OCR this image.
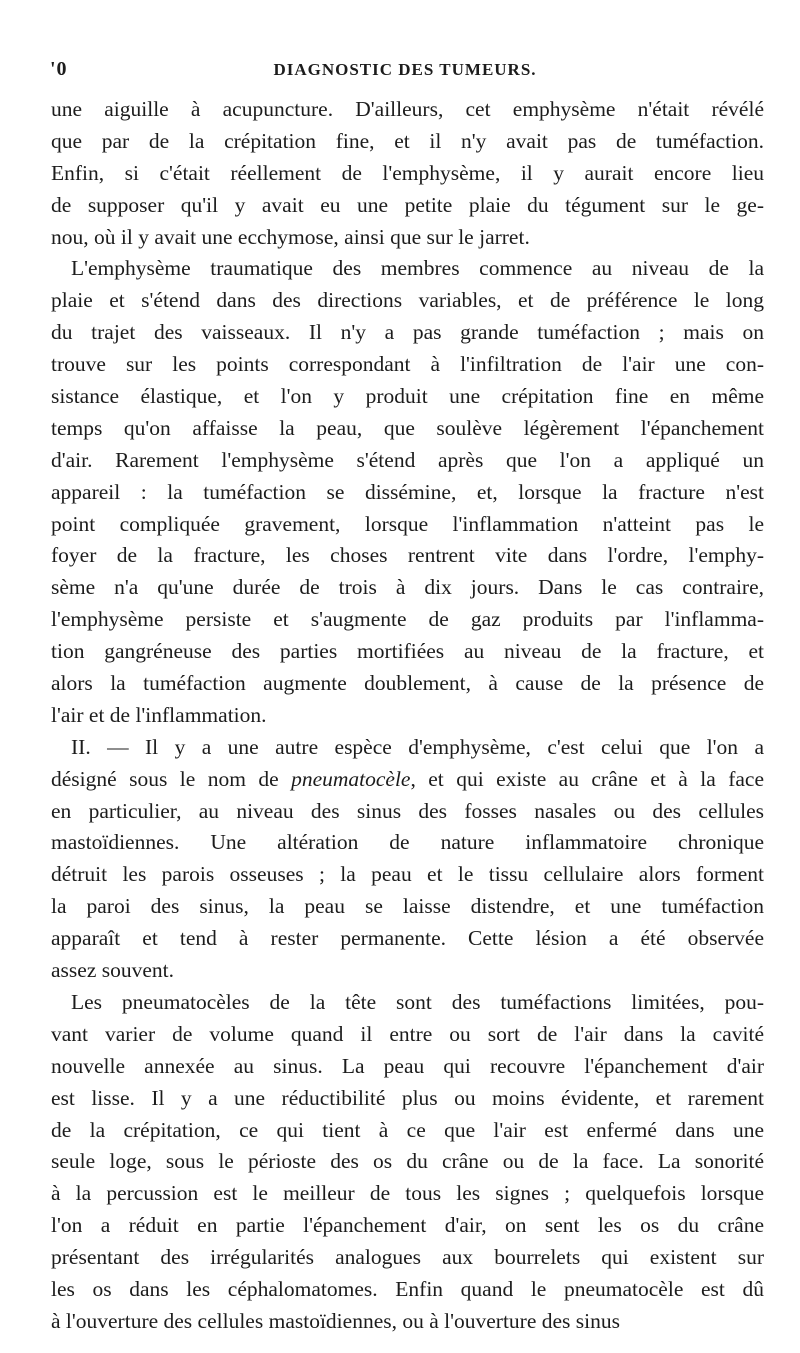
'0	DIAGNOSTIC DES TUMEURS.
une aiguille à acupuncture. D'ailleurs, cet emphysème n'était révélé
que par de la crépitation fine, et il n'y avait pas de tuméfaction.
Enfin, si c'était réellement de l'emphysème, il y aurait encore lieu
de supposer qu'il y avait eu une petite plaie du tégument sur le ge-
nou, où il y avait une ecchymose, ainsi que sur le jarret.
L'emphysème traumatique des membres commence au niveau de la
plaie et s'étend dans des directions variables, et de préférence le long
du trajet des vaisseaux. Il n'y a pas grande tuméfaction ; mais on
trouve sur les points correspondant à l'infiltration de l'air une con-
sistance élastique, et l'on y produit une crépitation fine en même
temps qu'on affaisse la peau, que soulève légèrement l'épanchement
d'air. Rarement l'emphysème s'étend après que l'on a appliqué un
appareil : la tuméfaction se dissémine, et, lorsque la fracture n'est
point compliquée gravement, lorsque l'inflammation n'atteint pas le
foyer de la fracture, les choses rentrent vite dans l'ordre, l'emphy-
sème n'a qu'une durée de trois à dix jours. Dans le cas contraire,
l'emphysème persiste et s'augmente de gaz produits par l'inflamma-
tion gangréneuse des parties mortifiées au niveau de la fracture, et
alors la tuméfaction augmente doublement, à cause de la présence de
l'air et de l'inflammation.
II. — Il y a une autre espèce d'emphysème, c'est celui que l'on a
désigné sous le nom de pneumatocèle, et qui existe au crâne et à la face
en particulier, au niveau des sinus des fosses nasales ou des cellules
mastoïdiennes. Une altération de nature inflammatoire chronique
détruit les parois osseuses ; la peau et le tissu cellulaire alors forment
la paroi des sinus, la peau se laisse distendre, et une tuméfaction
apparaît et tend à rester permanente. Cette lésion a été observée
assez souvent.
Les pneumatocèles de la tête sont des tuméfactions limitées, pou-
vant varier de volume quand il entre ou sort de l'air dans la cavité
nouvelle annexée au sinus. La peau qui recouvre l'épanchement d'air
est lisse. Il y a une réductibilité plus ou moins évidente, et rarement
de la crépitation, ce qui tient à ce que l'air est enfermé dans une
seule loge, sous le périoste des os du crâne ou de la face. La sonorité
à la percussion est le meilleur de tous les signes ; quelquefois lorsque
l'on a réduit en partie l'épanchement d'air, on sent les os du crâne
présentant des irrégularités analogues aux bourrelets qui existent sur
les os dans les céphalomatomes. Enfin quand le pneumatocèle est dû
à l'ouverture des cellules mastoïdiennes, ou à l'ouverture des sinus
